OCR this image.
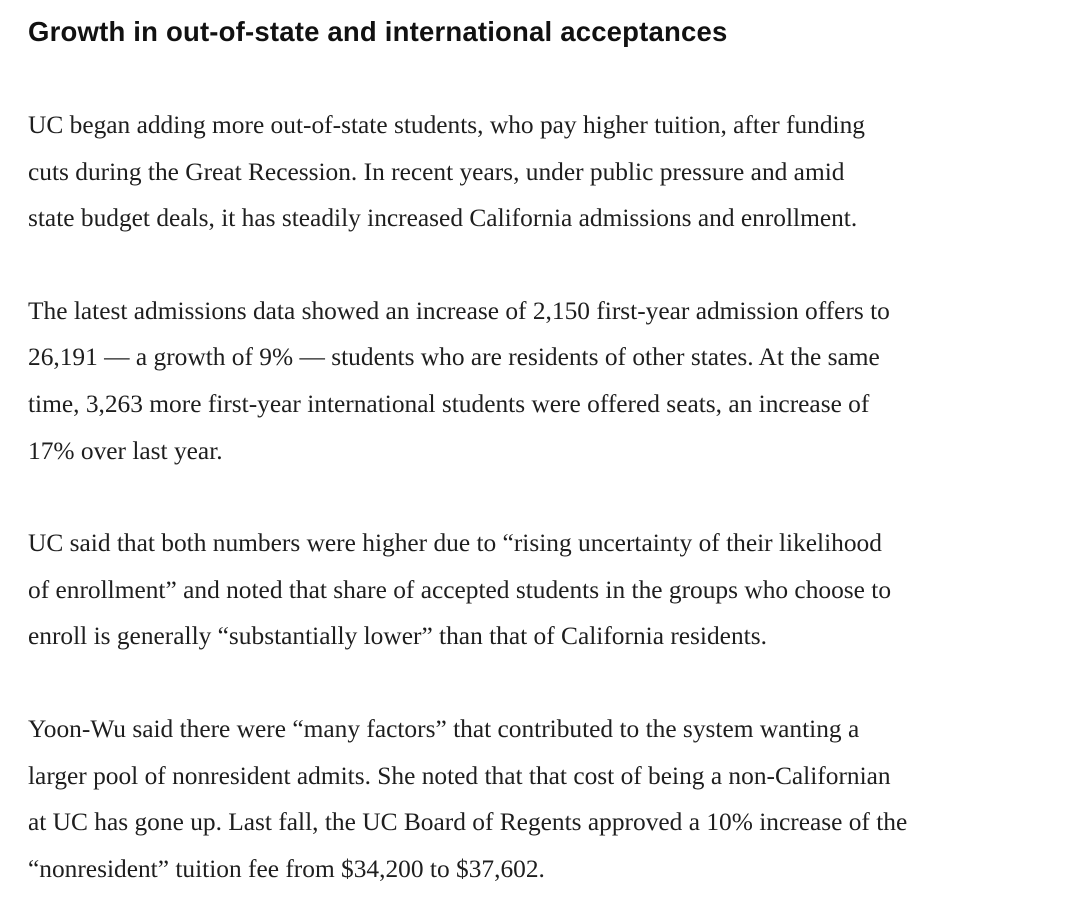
Growth in out-of-state and international acceptances

UC began adding more out-of-state students, who pay higher tuition, after funding
cuts during the Great Recession. In recent years, under public pressure and amid
state budget deals, it has steadily increased California admissions and enrollment.

The latest admissions data showed an increase of 2,150 first-year admission offers to
26,191 — a growth of 9% — students who are residents of other states. At the same
time, 3,263 more first-year international students were offered seats, an increase of
17% over last year.

UC said that both numbers were higher due to “rising uncertainty of their likelihood
of enrollment” and noted that share of accepted students in the groups who choose to
enroll is generally “substantially lower” than that of California residents.

Yoon-Wu said there were “many factors” that contributed to the system wanting a
larger pool of nonresident admits. She noted that that cost of being a non-Californian
at UC has gone up. Last fall, the UC Board of Regents approved a 10% increase of the
“nonresident” tuition fee from $34,200 to $37,602.
